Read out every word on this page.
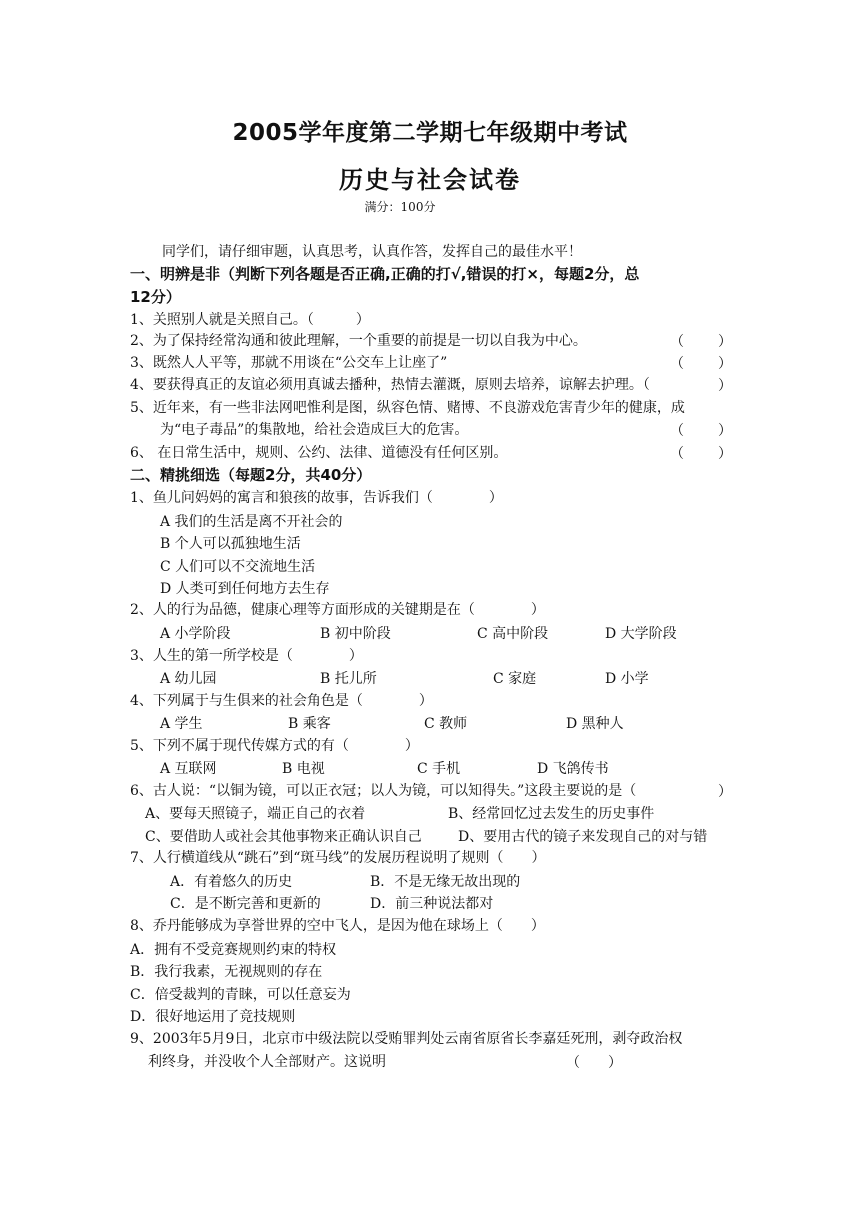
2005学年度第二学期七年级期中考试
历史与社会试卷
满分：100分
同学们，请仔细审题，认真思考，认真作答，发挥自己的最佳水平！
一、明辨是非（判断下列各题是否正确,正确的打√,错误的打×，每题2分，总
12分）
1、关照别人就是关照自己。（　　　）
2、为了保持经常沟通和彼此理解，一个重要的前提是一切以自我为中心。	（ ）
3、既然人人平等，那就不用谈在“公交车上让座了”	（ ）
4、要获得真正的友谊必须用真诚去播种，热情去灌溉，原则去培养，谅解去护理。（	）
5、近年来，有一些非法网吧惟利是图，纵容色情、赌博、不良游戏危害青少年的健康，成
为“电子毒品”的集散地，给社会造成巨大的危害。	（ ）
6、 在日常生活中，规则、公约、法律、道德没有任何区别。	（ ）
二、精挑细选（每题2分，共40分）
1、鱼儿问妈妈的寓言和狼孩的故事，告诉我们（　　　　）
A 我们的生活是离不开社会的
B 个人可以孤独地生活
C 人们可以不交流地生活
D 人类可到任何地方去生存
2、人的行为品德，健康心理等方面形成的关键期是在（　　　　）
A 小学阶段	B 初中阶段	C 高中阶段	D 大学阶段
3、人生的第一所学校是（　　　　）
A 幼儿园	B 托儿所	C 家庭	D 小学
4、下列属于与生俱来的社会角色是（　　　　）
A 学生	B 乘客	C 教师	D 黑种人
5、下列不属于现代传媒方式的有（　　　　）
A 互联网	B 电视	C 手机	D 飞鸽传书
6、古人说：“以铜为镜，可以正衣冠；以人为镜，可以知得失。”这段主要说的是（	）
A、要每天照镜子，端正自己的衣着	B、经常回忆过去发生的历史事件
C、要借助人或社会其他事物来正确认识自己	D、要用古代的镜子来发现自己的对与错
7、人行横道线从“跳石”到“斑马线”的发展历程说明了规则（　　）
A．有着悠久的历史	B．不是无缘无故出现的
C．是不断完善和更新的	D．前三种说法都对
8、乔丹能够成为享誉世界的空中飞人，是因为他在球场上（　　）
A．拥有不受竞赛规则约束的特权
B．我行我素，无视规则的存在
C．倍受裁判的青睐，可以任意妄为
D．很好地运用了竞技规则
9、2003年5月9日，北京市中级法院以受贿罪判处云南省原省长李嘉廷死刑，剥夺政治权
利终身，并没收个人全部财产。这说明	（　　）
